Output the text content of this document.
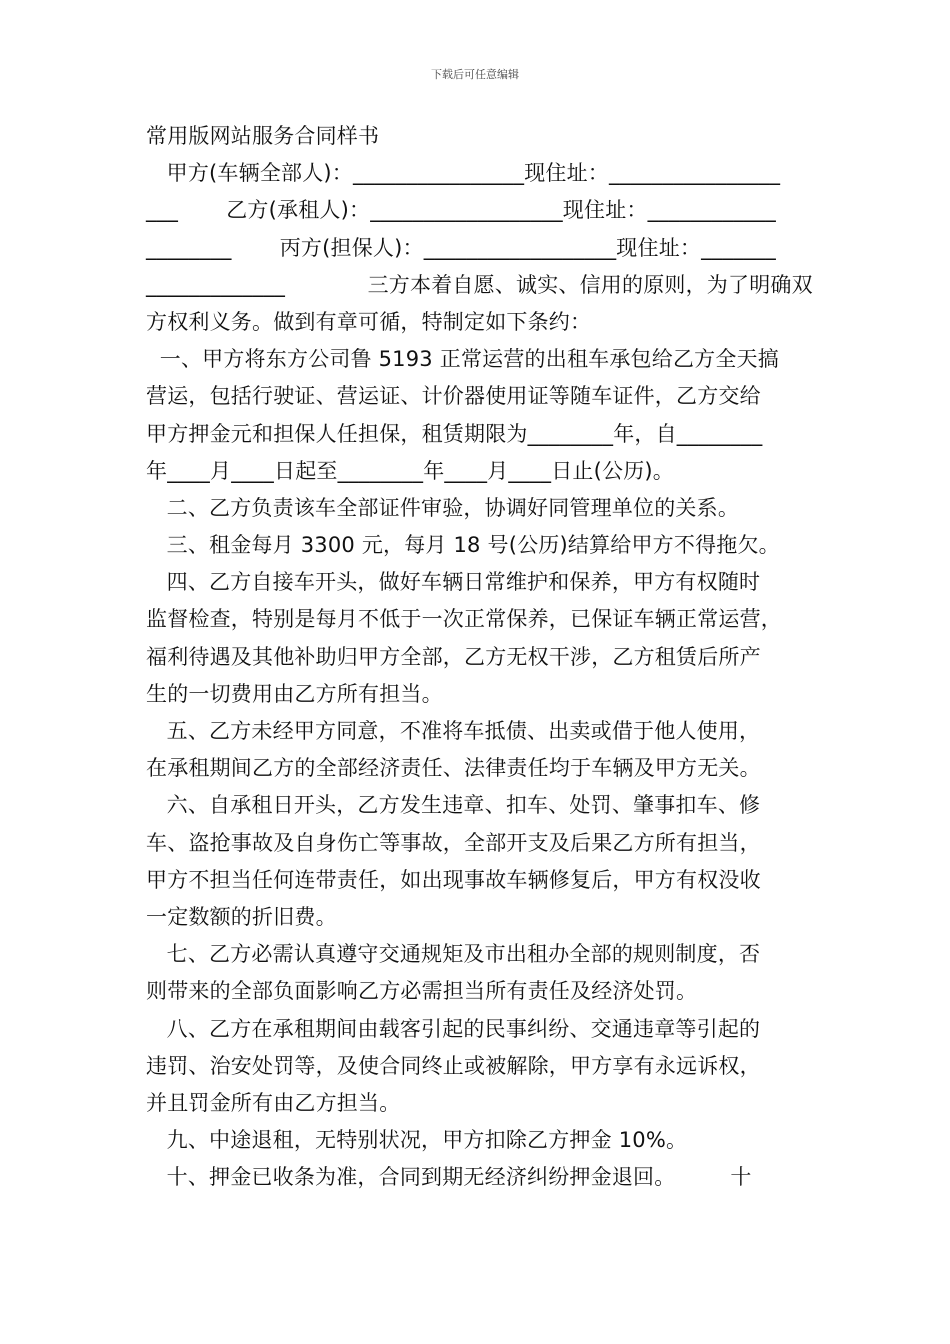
下载后可任意编辑
常用版网站服务合同样书
甲方(车辆全部人)：________________现住址：________________
___       乙方(承租人)：__________________现住址：____________
________       丙方(担保人)：__________________现住址：_______
_____________            三方本着自愿、诚实、信用的原则，为了明确双
方权利义务。做到有章可循，特制定如下条约：
一、甲方将东方公司鲁 5193 正常运营的出租车承包给乙方全天搞
营运，包括行驶证、营运证、计价器使用证等随车证件，乙方交给
甲方押金元和担保人任担保，租赁期限为________年，自________
年____月____日起至________年____月____日止(公历)。
二、乙方负责该车全部证件审验，协调好同管理单位的关系。
三、租金每月 3300 元，每月 18 号(公历)结算给甲方不得拖欠。
四、乙方自接车开头，做好车辆日常维护和保养，甲方有权随时
监督检查，特别是每月不低于一次正常保养，已保证车辆正常运营，
福利待遇及其他补助归甲方全部，乙方无权干涉，乙方租赁后所产
生的一切费用由乙方所有担当。
五、乙方未经甲方同意，不准将车抵债、出卖或借于他人使用，
在承租期间乙方的全部经济责任、法律责任均于车辆及甲方无关。
六、自承租日开头，乙方发生违章、扣车、处罚、肇事扣车、修
车、盗抢事故及自身伤亡等事故，全部开支及后果乙方所有担当，
甲方不担当任何连带责任，如出现事故车辆修复后，甲方有权没收
一定数额的折旧费。
七、乙方必需认真遵守交通规矩及市出租办全部的规则制度，否
则带来的全部负面影响乙方必需担当所有责任及经济处罚。
八、乙方在承租期间由载客引起的民事纠纷、交通违章等引起的
违罚、治安处罚等，及使合同终止或被解除，甲方享有永远诉权，
并且罚金所有由乙方担当。
九、中途退租，无特别状况，甲方扣除乙方押金 10%。
十、押金已收条为准，合同到期无经济纠纷押金退回。        十
